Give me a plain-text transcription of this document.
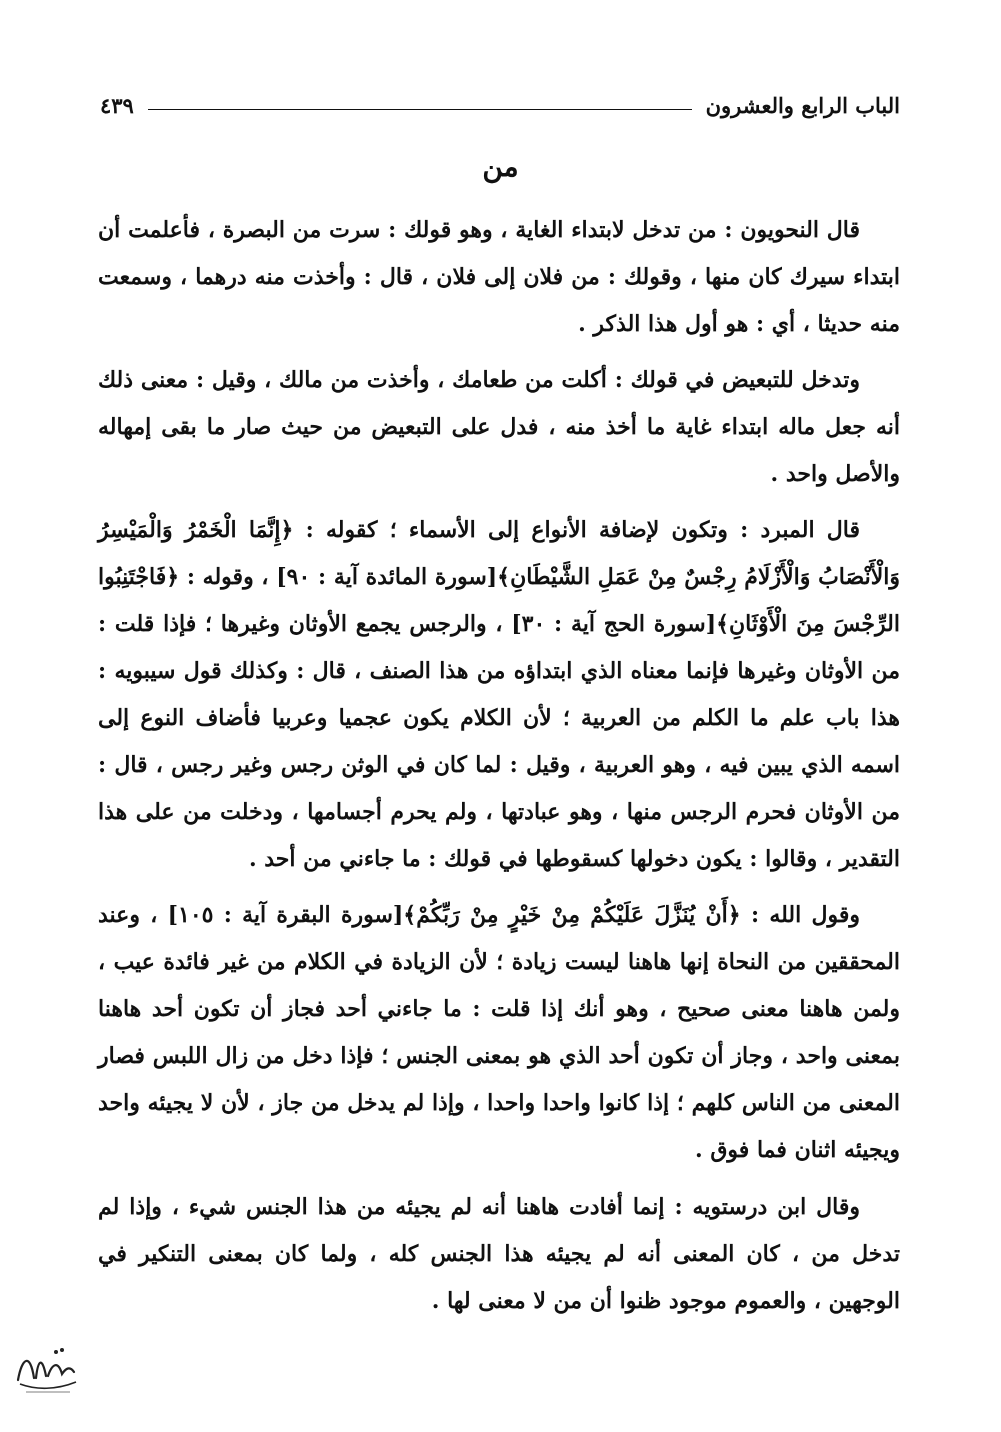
الباب الرابع والعشرون
٤٣٩
من

قال النحويون : من تدخل لابتداء الغاية ، وهو قولك : سرت من البصرة ، فأعلمت أن ابتداء سيرك كان منها ، وقولك : من فلان إلى فلان ، قال : وأخذت منه درهما ، وسمعت منه حديثا ، أي : هو أول هذا الذكر .

وتدخل للتبعيض في قولك : أكلت من طعامك ، وأخذت من مالك ، وقيل : معنى ذلك أنه جعل ماله ابتداء غاية ما أخذ منه ، فدل على التبعيض من حيث صار ما بقى إمهاله والأصل واحد .

قال المبرد : وتكون لإضافة الأنواع إلى الأسماء ؛ كقوله : ﴿إِنَّمَا الْخَمْرُ وَالْمَيْسِرُ وَالْأَنْصَابُ وَالْأَزْلَامُ رِجْسٌ مِنْ عَمَلِ الشَّيْطَانِ﴾[سورة المائدة آية : ٩٠] ، وقوله : ﴿فَاجْتَنِبُوا الرِّجْسَ مِنَ الْأَوْثَانِ﴾[سورة الحج آية : ٣٠] ، والرجس يجمع الأوثان وغيرها ؛ فإذا قلت : من الأوثان وغيرها فإنما معناه الذي ابتداؤه من هذا الصنف ، قال : وكذلك قول سيبويه : هذا باب علم ما الكلم من العربية ؛ لأن الكلام يكون عجميا وعربيا فأضاف النوع إلى اسمه الذي يبين فيه ، وهو العربية ، وقيل : لما كان في الوثن رجس وغير رجس ، قال : من الأوثان فحرم الرجس منها ، وهو عبادتها ، ولم يحرم أجسامها ، ودخلت من على هذا التقدير ، وقالوا : يكون دخولها كسقوطها في قولك : ما جاءني من أحد .

وقول الله : ﴿أَنْ يُنَزَّلَ عَلَيْكُمْ مِنْ خَيْرٍ مِنْ رَبِّكُمْ﴾[سورة البقرة آية : ١٠٥] ، وعند المحققين من النحاة إنها هاهنا ليست زيادة ؛ لأن الزيادة في الكلام من غير فائدة عيب ، ولمن هاهنا معنى صحيح ، وهو أنك إذا قلت : ما جاءني أحد فجاز أن تكون أحد هاهنا بمعنى واحد ، وجاز أن تكون أحد الذي هو بمعنى الجنس ؛ فإذا دخل من زال اللبس فصار المعنى من الناس كلهم ؛ إذا كانوا واحدا واحدا ، وإذا لم يدخل من جاز ، لأن لا يجيئه واحد ويجيئه اثنان فما فوق .

وقال ابن درستويه : إنما أفادت هاهنا أنه لم يجيئه من هذا الجنس شيء ، وإذا لم تدخل من ، كان المعنى أنه لم يجيئه هذا الجنس كله ، ولما كان بمعنى التنكير في الوجهين ، والعموم موجود ظنوا أن من لا معنى لها .
